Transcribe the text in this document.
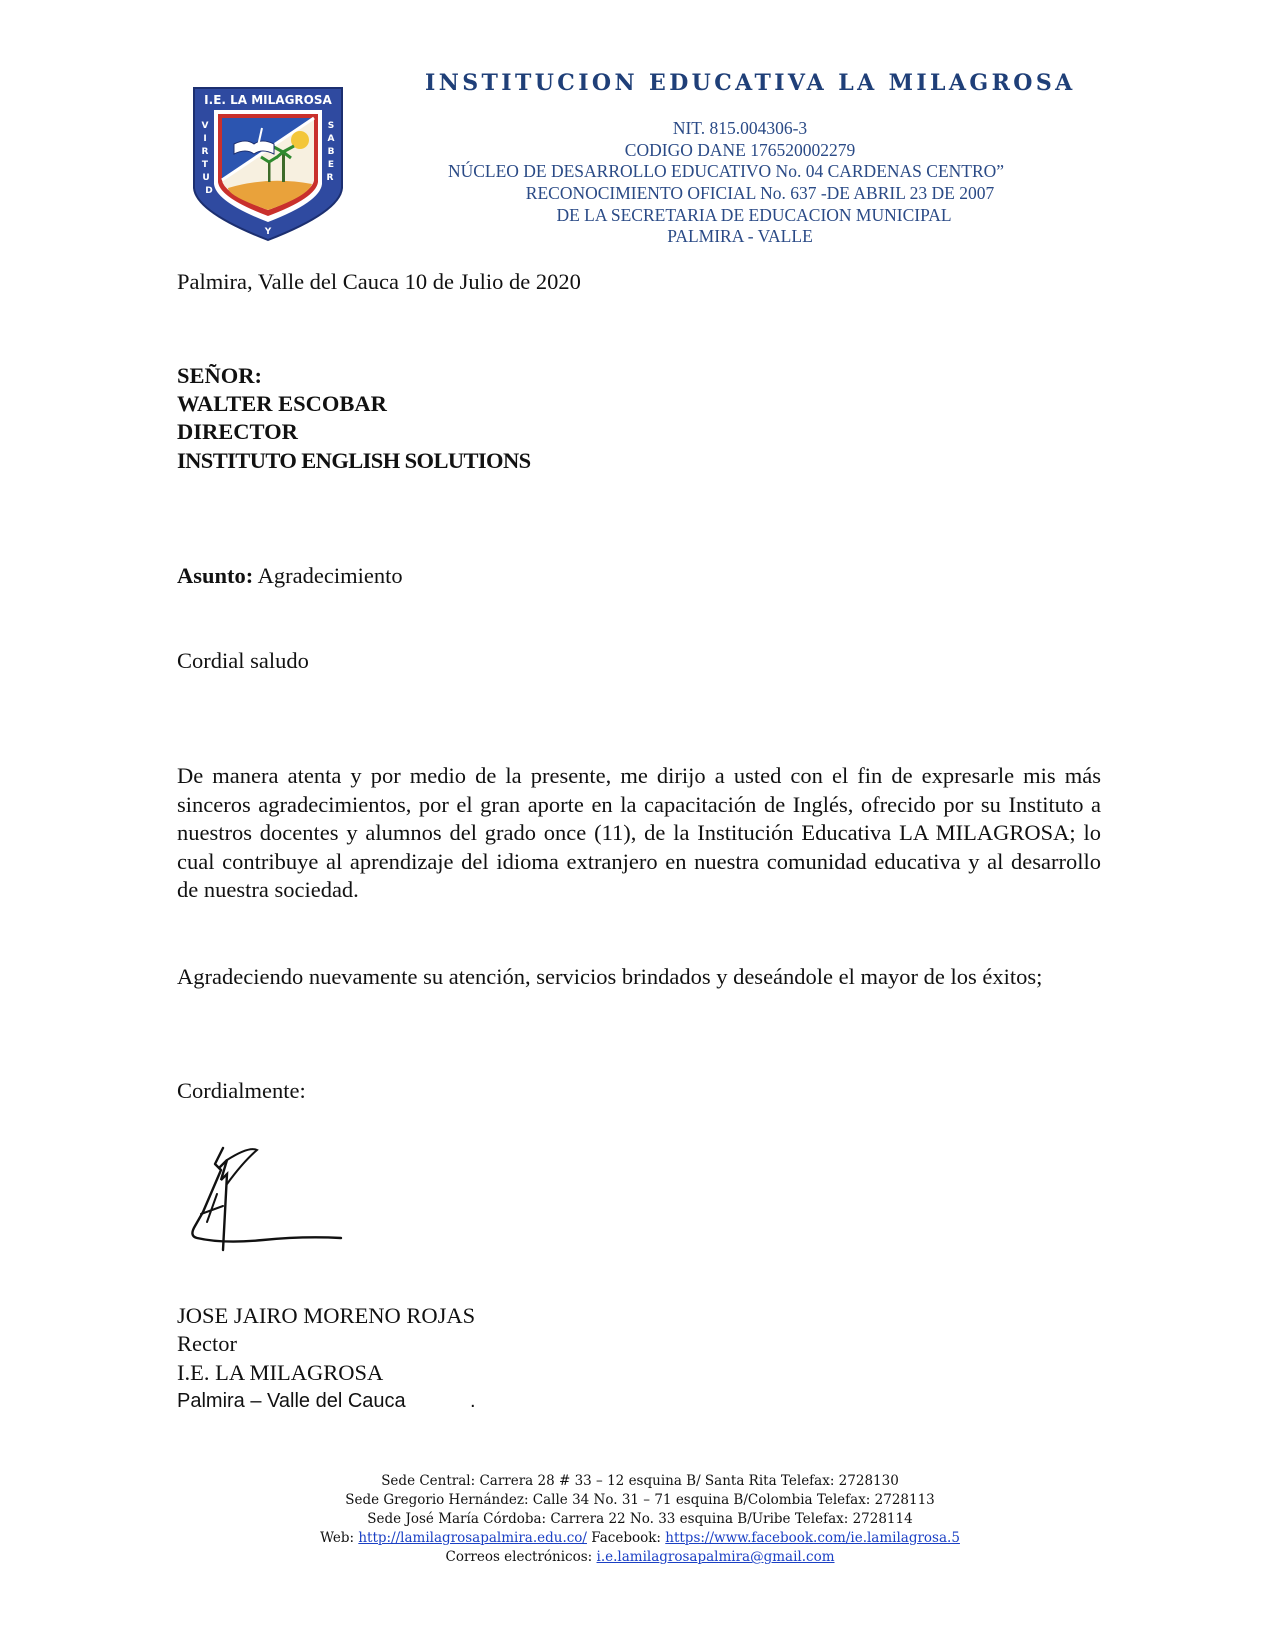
I.E. LA MILAGROSA
V
I
R
T
U
D
Y
S
A
B
E
R
INSTITUCION EDUCATIVA LA MILAGROSA
NIT. 815.004306-3
CODIGO DANE 176520002279
NÚCLEO DE DESARROLLO EDUCATIVO No. 04 CARDENAS CENTRO”
RECONOCIMIENTO OFICIAL No. 637 -DE ABRIL 23 DE 2007
DE LA SECRETARIA DE EDUCACION MUNICIPAL
PALMIRA - VALLE
Palmira, Valle del Cauca 10 de Julio de 2020
SEÑOR:
WALTER ESCOBAR
DIRECTOR
INSTITUTO ENGLISH SOLUTIONS
Asunto: Agradecimiento
Cordial saludo
De manera atenta y por medio de la presente, me dirijo a usted con el fin de expresarle mis más sinceros agradecimientos, por el gran aporte en la capacitación de Inglés, ofrecido por su Instituto a nuestros docentes y alumnos del grado once (11), de la Institución Educativa LA MILAGROSA; lo cual contribuye al aprendizaje del idioma extranjero en nuestra comunidad educativa y al desarrollo de nuestra sociedad.
Agradeciendo nuevamente su atención, servicios brindados y deseándole el mayor de los éxitos;
Cordialmente:
JOSE JAIRO MORENO ROJAS
Rector
I.E. LA MILAGROSA
Palmira – Valle del Cauca	.
Sede Central: Carrera 28 # 33 – 12 esquina B/ Santa Rita Telefax: 2728130
Sede Gregorio Hernández: Calle 34 No. 31 – 71 esquina B/Colombia Telefax: 2728113
Sede José María Córdoba: Carrera 22 No. 33 esquina B/Uribe Telefax: 2728114
Web: http://lamilagrosapalmira.edu.co/ Facebook: https://www.facebook.com/ie.lamilagrosa.5
Correos electrónicos: i.e.lamilagrosapalmira@gmail.com
